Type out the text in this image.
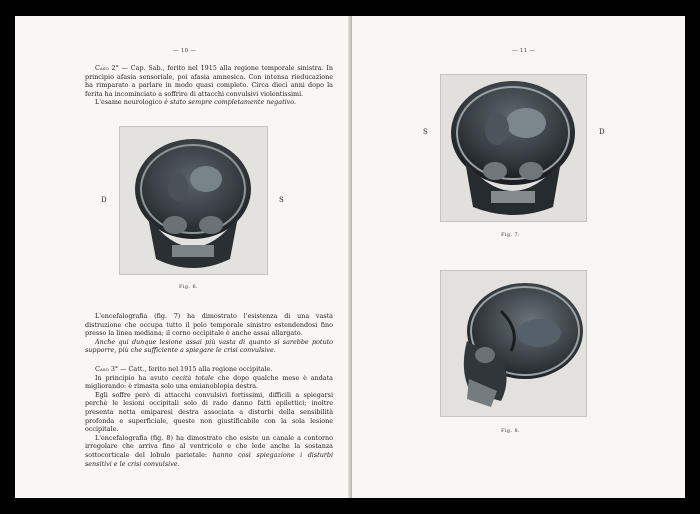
— 10 —

Caso 2° — Cap. Sab., ferito nel 1915 alla regione temporale sinistra. In principio afasia sensoriale, poi afasia amnesica. Con intensa rieducazione ha rimparato a parlare in modo quasi completo. Circa dieci anni dopo la ferita ha incominciato a soffrire di attacchi convulsivi violentissimi.

L'esame neurologico è stato sempre completamente negativo.

D	S
Fig. 6.

L'encefalografia (fig. 7) ha dimostrato l'esistenza di una vasta distruzione che occupa tutto il polo temporale sinistro estendendosi fino presso la linea mediana; il corno occipitale è anche assai allargato.

Anche qui dunque lesione assai più vasta di quanto si sarebbe potuto supporre, più che sufficiente a spiegare le crisi convulsive.

Caso 3° — Catt., ferito nel 1915 alla regione occipitale.

In principio ha avuto cecità totale che dopo qualche mese è andata migliorando: è rimasta solo una emianoblopia destra.

Egli soffre però di attacchi convulsivi fortissimi, difficili a spiegarsi perchè le lesioni occipitali solo di rado danno fatti epilettici; inoltre presenta netta emiparesi destra associata a disturbi della sensibilità profonda e superficiale, queste non giustificabile con la sola lesione occipitale.

L'encefalografia (fig. 8) ha dimostrato che esiste un canale a contorno irregolare che arriva fino al ventricolo e che lede anche la sostanza sottocorticale del lobulo parietale: hanno così spiegazione i disturbi sensitivi e le crisi convulsive.

— 11 —
S	D
Fig. 7.
Fig. 8.
